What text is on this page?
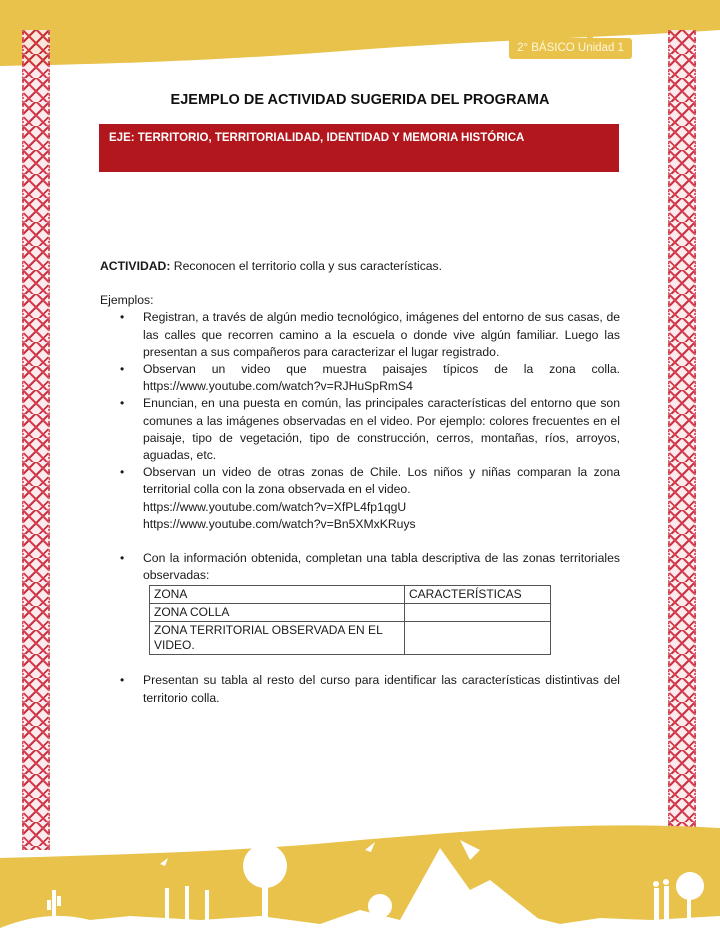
2° BÁSICO Unidad 1
EJEMPLO DE ACTIVIDAD SUGERIDA DEL PROGRAMA
EJE: TERRITORIO, TERRITORIALIDAD, IDENTIDAD Y MEMORIA HISTÓRICA

ACTIVIDAD: Reconocen el territorio colla y sus características.

Ejemplos:

• Registran, a través de algún medio tecnológico, imágenes del entorno de sus casas, de las calles que recorren camino a la escuela o donde vive algún familiar. Luego las presentan a sus compañeros para caracterizar el lugar registrado.
• Observan un video que muestra paisajes típicos de la zona colla.
https://www.youtube.com/watch?v=RJHuSpRmS4
• Enuncian, en una puesta en común, las principales características del entorno que son comunes a las imágenes observadas en el video. Por ejemplo: colores frecuentes en el paisaje, tipo de vegetación, tipo de construcción, cerros, montañas, ríos, arroyos, aguadas, etc.
• Observan un video de otras zonas de Chile. Los niños y niñas comparan la zona territorial colla con la zona observada en el video.
https://www.youtube.com/watch?v=XfPL4fp1qgU
https://www.youtube.com/watch?v=Bn5XMxKRuys
• Con la información obtenida, completan una tabla descriptiva de las zonas territoriales observadas:
ZONA	CARACTERÍSTICAS
ZONA COLLA	
ZONA TERRITORIAL OBSERVADA EN EL VIDEO.	
• Presentan su tabla al resto del curso para identificar las características distintivas del territorio colla.
